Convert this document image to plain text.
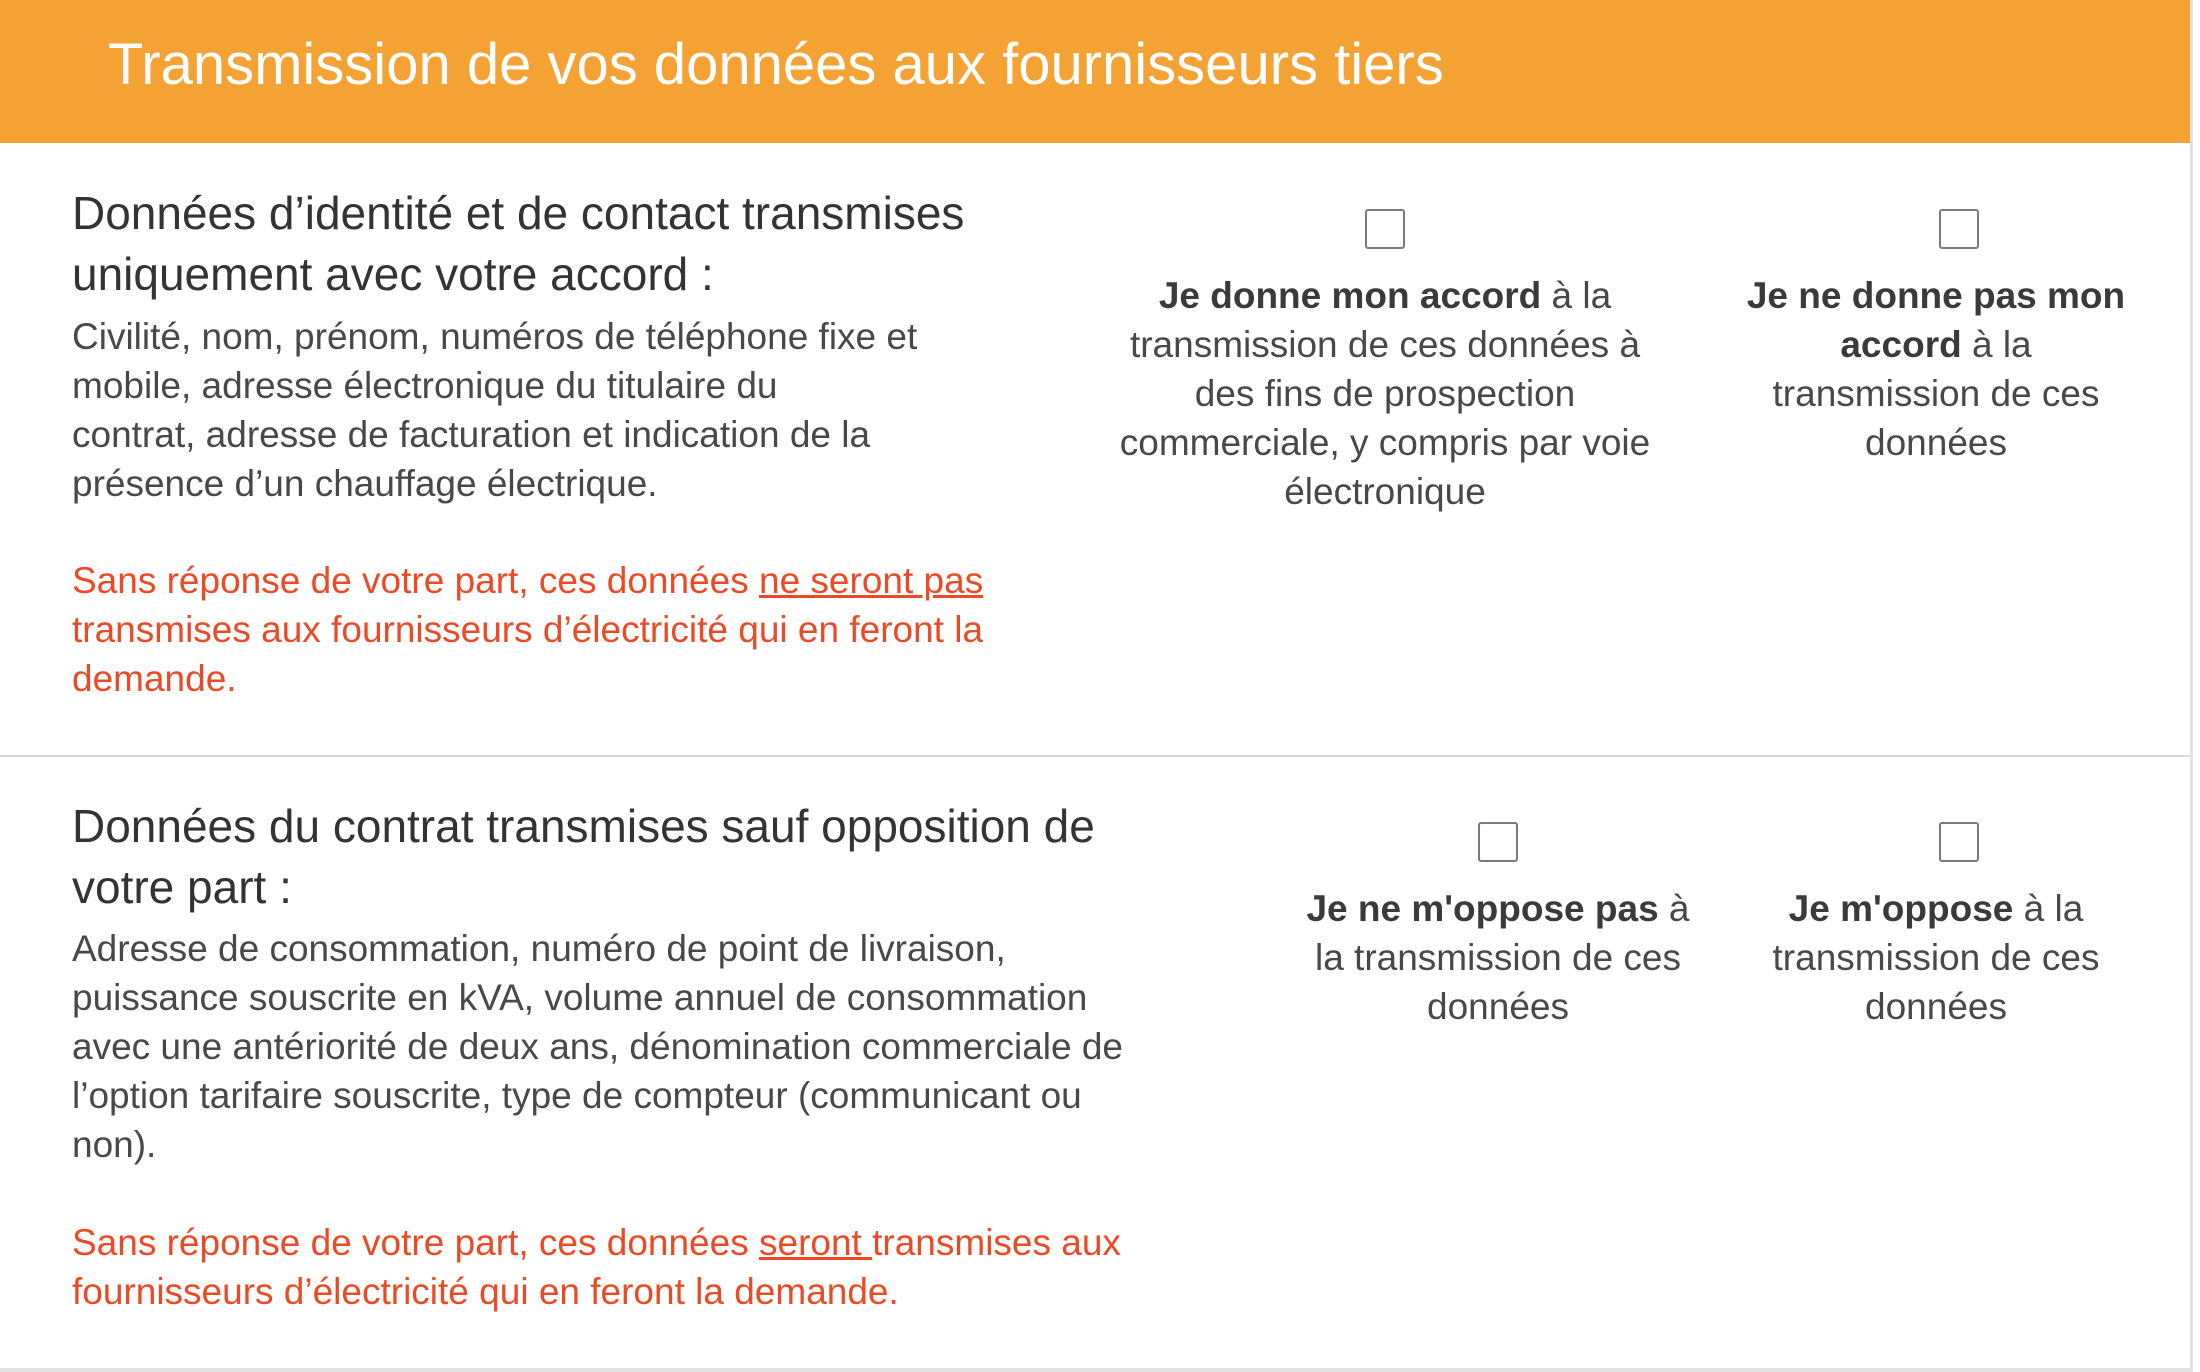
Transmission de vos données aux fournisseurs tiers
Données d’identité et de contact transmises
uniquement avec votre accord :

Civilité, nom, prénom, numéros de téléphone fixe et
mobile, adresse électronique du titulaire du
contrat, adresse de facturation et indication de la
présence d’un chauffage électrique.

Sans réponse de votre part, ces données ne seront pas
transmises aux fournisseurs d’électricité qui en feront la
demande.

Je donne mon accord à la
transmission de ces données à
des fins de prospection
commerciale, y compris par voie
électronique
Je ne donne pas mon
accord à la
transmission de ces
données
Données du contrat transmises sauf opposition de
votre part :

Adresse de consommation, numéro de point de livraison,
puissance souscrite en kVA, volume annuel de consommation
avec une antériorité de deux ans, dénomination commerciale de
l’option tarifaire souscrite, type de compteur (communicant ou
non).

Sans réponse de votre part, ces données seront transmises aux
fournisseurs d’électricité qui en feront la demande.

Je ne m'oppose pas à
la transmission de ces
données
Je m'oppose à la
transmission de ces
données
